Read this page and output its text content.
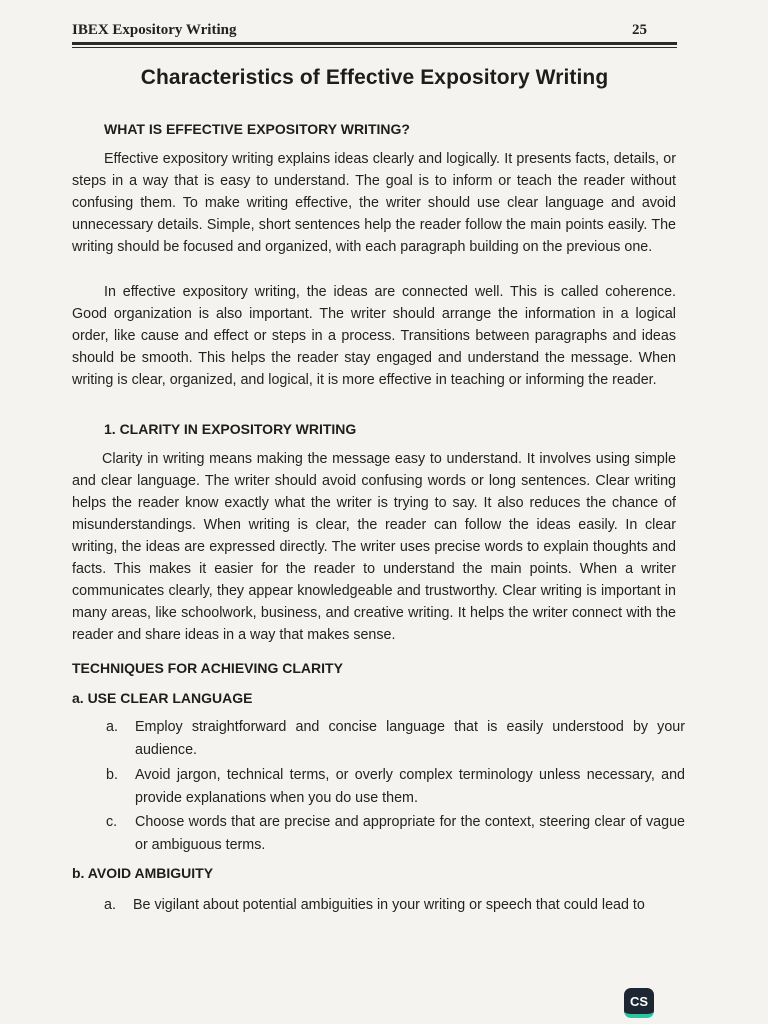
IBEX Expository Writing	25
Characteristics of Effective Expository Writing
WHAT IS EFFECTIVE EXPOSITORY WRITING?

Effective expository writing explains ideas clearly and logically. It presents facts, details, or steps in a way that is easy to understand. The goal is to inform or teach the reader without confusing them. To make writing effective, the writer should use clear language and avoid unnecessary details. Simple, short sentences help the reader follow the main points easily. The writing should be focused and organized, with each paragraph building on the previous one.

In effective expository writing, the ideas are connected well. This is called coherence. Good organization is also important. The writer should arrange the information in a logical order, like cause and effect or steps in a process. Transitions between paragraphs and ideas should be smooth. This helps the reader stay engaged and understand the message. When writing is clear, organized, and logical, it is more effective in teaching or informing the reader.

1. CLARITY IN EXPOSITORY WRITING

Clarity in writing means making the message easy to understand. It involves using simple and clear language. The writer should avoid confusing words or long sentences. Clear writing helps the reader know exactly what the writer is trying to say. It also reduces the chance of misunderstandings. When writing is clear, the reader can follow the ideas easily. In clear writing, the ideas are expressed directly. The writer uses precise words to explain thoughts and facts. This makes it easier for the reader to understand the main points. When a writer communicates clearly, they appear knowledgeable and trustworthy. Clear writing is important in many areas, like schoolwork, business, and creative writing. It helps the writer connect with the reader and share ideas in a way that makes sense.

TECHNIQUES FOR ACHIEVING CLARITY
a. USE CLEAR LANGUAGE
a. Employ straightforward and concise language that is easily understood by your audience.
b. Avoid jargon, technical terms, or overly complex terminology unless necessary, and provide explanations when you do use them.
c. Choose words that are precise and appropriate for the context, steering clear of vague or ambiguous terms.
b. AVOID AMBIGUITY
a. Be vigilant about potential ambiguities in your writing or speech that could lead to
CS
